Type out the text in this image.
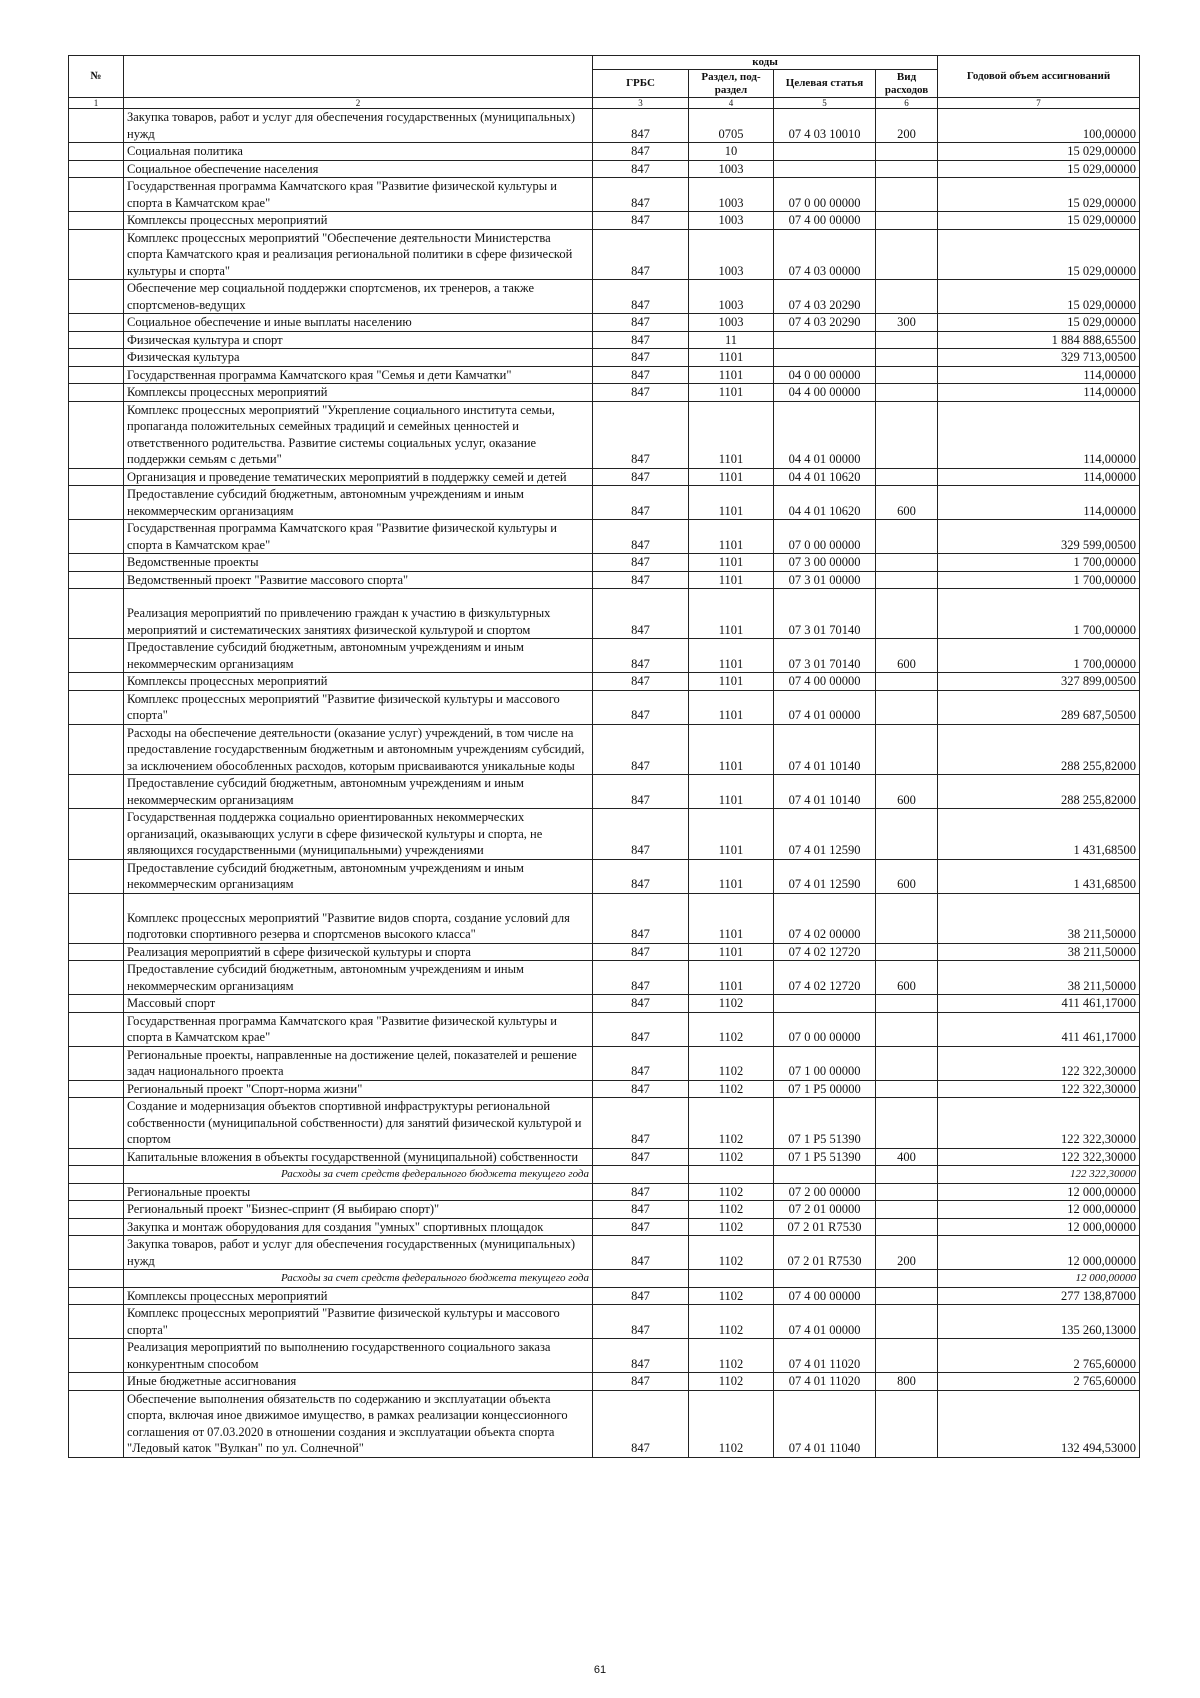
№		коды				Годовой объем ассигнований
		ГРБС	Раздел, под-раздел	Целевая статья	Вид расходов	
1	2	3	4	5	6	7
	Закупка товаров, работ и услуг для обеспечения государственных (муниципальных) нужд	847	0705	07 4 03 10010	200	100,00000
	Социальная политика	847	10			15 029,00000
	Социальное обеспечение населения	847	1003			15 029,00000
	Государственная программа Камчатского края "Развитие физической культуры и спорта в Камчатском крае"	847	1003	07 0 00 00000		15 029,00000
	Комплексы процессных мероприятий	847	1003	07 4 00 00000		15 029,00000
	Комплекс процессных мероприятий "Обеспечение деятельности Министерства спорта Камчатского края и реализация региональной политики в сфере физической культуры и спорта"	847	1003	07 4 03 00000		15 029,00000
	Обеспечение мер социальной поддержки спортсменов, их тренеров, а также спортсменов-ведущих	847	1003	07 4 03 20290		15 029,00000
	Социальное обеспечение и иные выплаты населению	847	1003	07 4 03 20290	300	15 029,00000
	Физическая культура и спорт	847	11			1 884 888,65500
	Физическая культура	847	1101			329 713,00500
	Государственная программа Камчатского края "Семья и дети Камчатки"	847	1101	04 0 00 00000		114,00000
	Комплексы процессных мероприятий	847	1101	04 4 00 00000		114,00000
	Комплекс процессных мероприятий "Укрепление социального института семьи, пропаганда положительных семейных традиций и семейных ценностей и ответственного родительства. Развитие системы социальных услуг, оказание поддержки семьям с детьми"	847	1101	04 4 01 00000		114,00000
	Организация и проведение тематических мероприятий в поддержку семей и детей	847	1101	04 4 01 10620		114,00000
	Предоставление субсидий бюджетным, автономным учреждениям и иным некоммерческим организациям	847	1101	04 4 01 10620	600	114,00000
	Государственная программа Камчатского края "Развитие физической культуры и спорта в Камчатском крае"	847	1101	07 0 00 00000		329 599,00500
	Ведомственные проекты	847	1101	07 3 00 00000		1 700,00000
	Ведомственный проект "Развитие массового спорта"	847	1101	07 3 01 00000		1 700,00000
	Реализация мероприятий по привлечению граждан к участию в физкультурных мероприятий и систематических занятиях физической культурой и спортом	847	1101	07 3 01 70140		1 700,00000
	Предоставление субсидий бюджетным, автономным учреждениям и иным некоммерческим организациям	847	1101	07 3 01 70140	600	1 700,00000
	Комплексы процессных мероприятий	847	1101	07 4 00 00000		327 899,00500
	Комплекс процессных мероприятий "Развитие физической культуры и массового спорта"	847	1101	07 4 01 00000		289 687,50500
	Расходы на обеспечение деятельности (оказание услуг) учреждений, в том числе на предоставление государственным бюджетным и автономным учреждениям субсидий, за исключением обособленных расходов, которым присваиваются уникальные коды	847	1101	07 4 01 10140		288 255,82000
	Предоставление субсидий бюджетным, автономным учреждениям и иным некоммерческим организациям	847	1101	07 4 01 10140	600	288 255,82000
	Государственная поддержка социально ориентированных некоммерческих организаций, оказывающих услуги в сфере физической культуры и спорта, не являющихся государственными (муниципальными) учреждениями	847	1101	07 4 01 12590		1 431,68500
	Предоставление субсидий бюджетным, автономным учреждениям и иным некоммерческим организациям	847	1101	07 4 01 12590	600	1 431,68500
	Комплекс процессных мероприятий "Развитие видов спорта, создание условий для подготовки спортивного резерва и спортсменов высокого класса"	847	1101	07 4 02 00000		38 211,50000
	Реализация мероприятий в сфере физической культуры и спорта	847	1101	07 4 02 12720		38 211,50000
	Предоставление субсидий бюджетным, автономным учреждениям и иным некоммерческим организациям	847	1101	07 4 02 12720	600	38 211,50000
	Массовый спорт	847	1102			411 461,17000
	Государственная программа Камчатского края "Развитие физической культуры и спорта в Камчатском крае"	847	1102	07 0 00 00000		411 461,17000
	Региональные проекты, направленные на достижение целей, показателей и решение задач национального проекта	847	1102	07 1 00 00000		122 322,30000
	Региональный проект "Спорт-норма жизни"	847	1102	07 1 P5 00000		122 322,30000
	Создание и модернизация объектов спортивной инфраструктуры региональной собственности (муниципальной собственности) для занятий физической культурой и спортом	847	1102	07 1 P5 51390		122 322,30000
	Капитальные вложения в объекты государственной (муниципальной) собственности	847	1102	07 1 P5 51390	400	122 322,30000
	Расходы за счет средств федерального бюджета текущего года					122 322,30000
	Региональные проекты	847	1102	07 2 00 00000		12 000,00000
	Региональный проект "Бизнес-спринт (Я выбираю спорт)"	847	1102	07 2 01 00000		12 000,00000
	Закупка и монтаж оборудования для создания "умных" спортивных площадок	847	1102	07 2 01 R7530		12 000,00000
	Закупка товаров, работ и услуг для обеспечения государственных (муниципальных) нужд	847	1102	07 2 01 R7530	200	12 000,00000
	Расходы за счет средств федерального бюджета текущего года					12 000,00000
	Комплексы процессных мероприятий	847	1102	07 4 00 00000		277 138,87000
	Комплекс процессных мероприятий "Развитие физической культуры и массового спорта"	847	1102	07 4 01 00000		135 260,13000
	Реализация мероприятий по выполнению государственного социального заказа конкурентным способом	847	1102	07 4 01 11020		2 765,60000
	Иные бюджетные ассигнования	847	1102	07 4 01 11020	800	2 765,60000
	Обеспечение выполнения обязательств по содержанию и эксплуатации объекта спорта, включая иное движимое имущество, в рамках реализации концессионного соглашения от 07.03.2020 в отношении создания и эксплуатации объекта спорта "Ледовый каток "Вулкан" по ул. Солнечной"	847	1102	07 4 01 11040		132 494,53000
61
